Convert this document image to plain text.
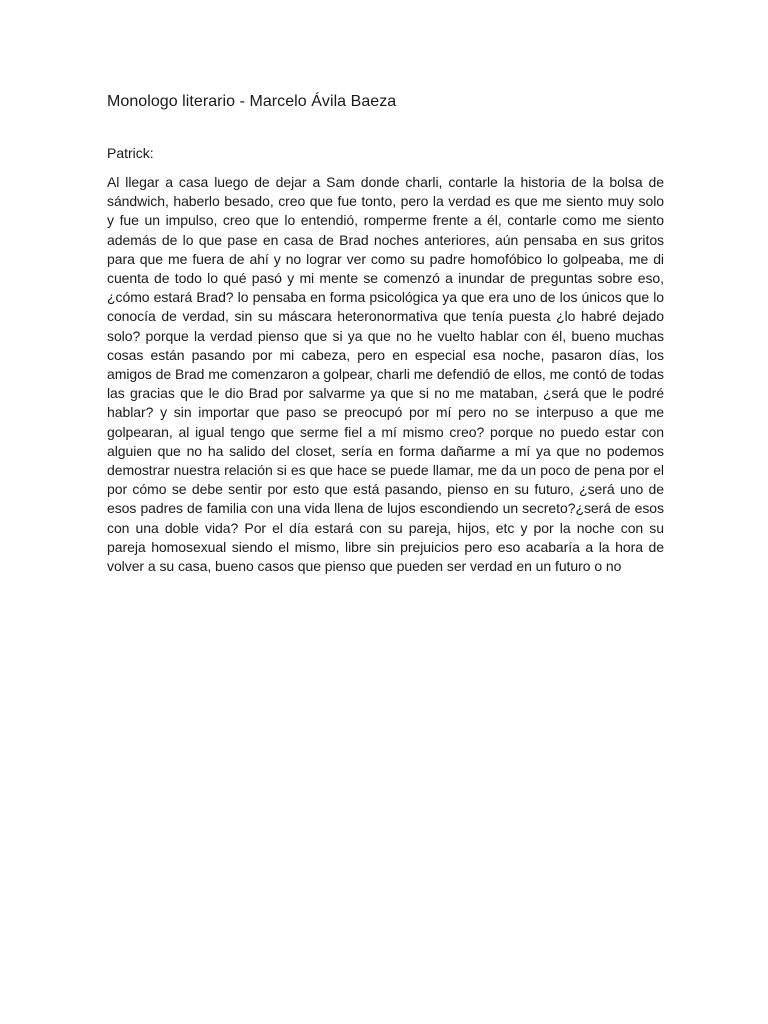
Monologo literario - Marcelo Ávila Baeza

Patrick:

Al llegar a casa luego de dejar a Sam donde charli, contarle la historia de la bolsa de sándwich, haberlo besado, creo que fue tonto, pero la verdad es que me siento muy solo y fue un impulso, creo que lo entendió, romperme frente a él, contarle como me siento además de lo que pase en casa de Brad noches anteriores, aún pensaba en sus gritos para que me fuera de ahí y no lograr ver como su padre homofóbico lo golpeaba, me di cuenta de todo lo qué pasó y mi mente se comenzó a inundar de preguntas sobre eso, ¿cómo estará Brad? lo pensaba en forma psicológica ya que era uno de los únicos que lo conocía de verdad, sin su máscara heteronormativa que tenía puesta ¿lo habré dejado solo? porque la verdad pienso que si ya que no he vuelto hablar con él, bueno muchas cosas están pasando por mi cabeza, pero en especial esa noche, pasaron días, los amigos de Brad me comenzaron a golpear, charli me defendió de ellos, me contó de todas las gracias que le dio Brad por salvarme ya que si no me mataban, ¿será que le podré hablar? y sin importar que paso se preocupó por mí pero no se interpuso a que me golpearan, al igual tengo que serme fiel a mí mismo creo? porque no puedo estar con alguien que no ha salido del closet, sería en forma dañarme a mí ya que no podemos demostrar nuestra relación si es que hace se puede llamar, me da un poco de pena por el por cómo se debe sentir por esto que está pasando, pienso en su futuro, ¿será uno de esos padres de familia con una vida llena de lujos escondiendo un secreto?¿será de esos con una doble vida? Por el día estará con su pareja, hijos, etc y por la noche con su pareja homosexual siendo el mismo, libre sin prejuicios pero eso acabaría a la hora de volver a su casa, bueno casos que pienso que pueden ser verdad en un futuro o no
